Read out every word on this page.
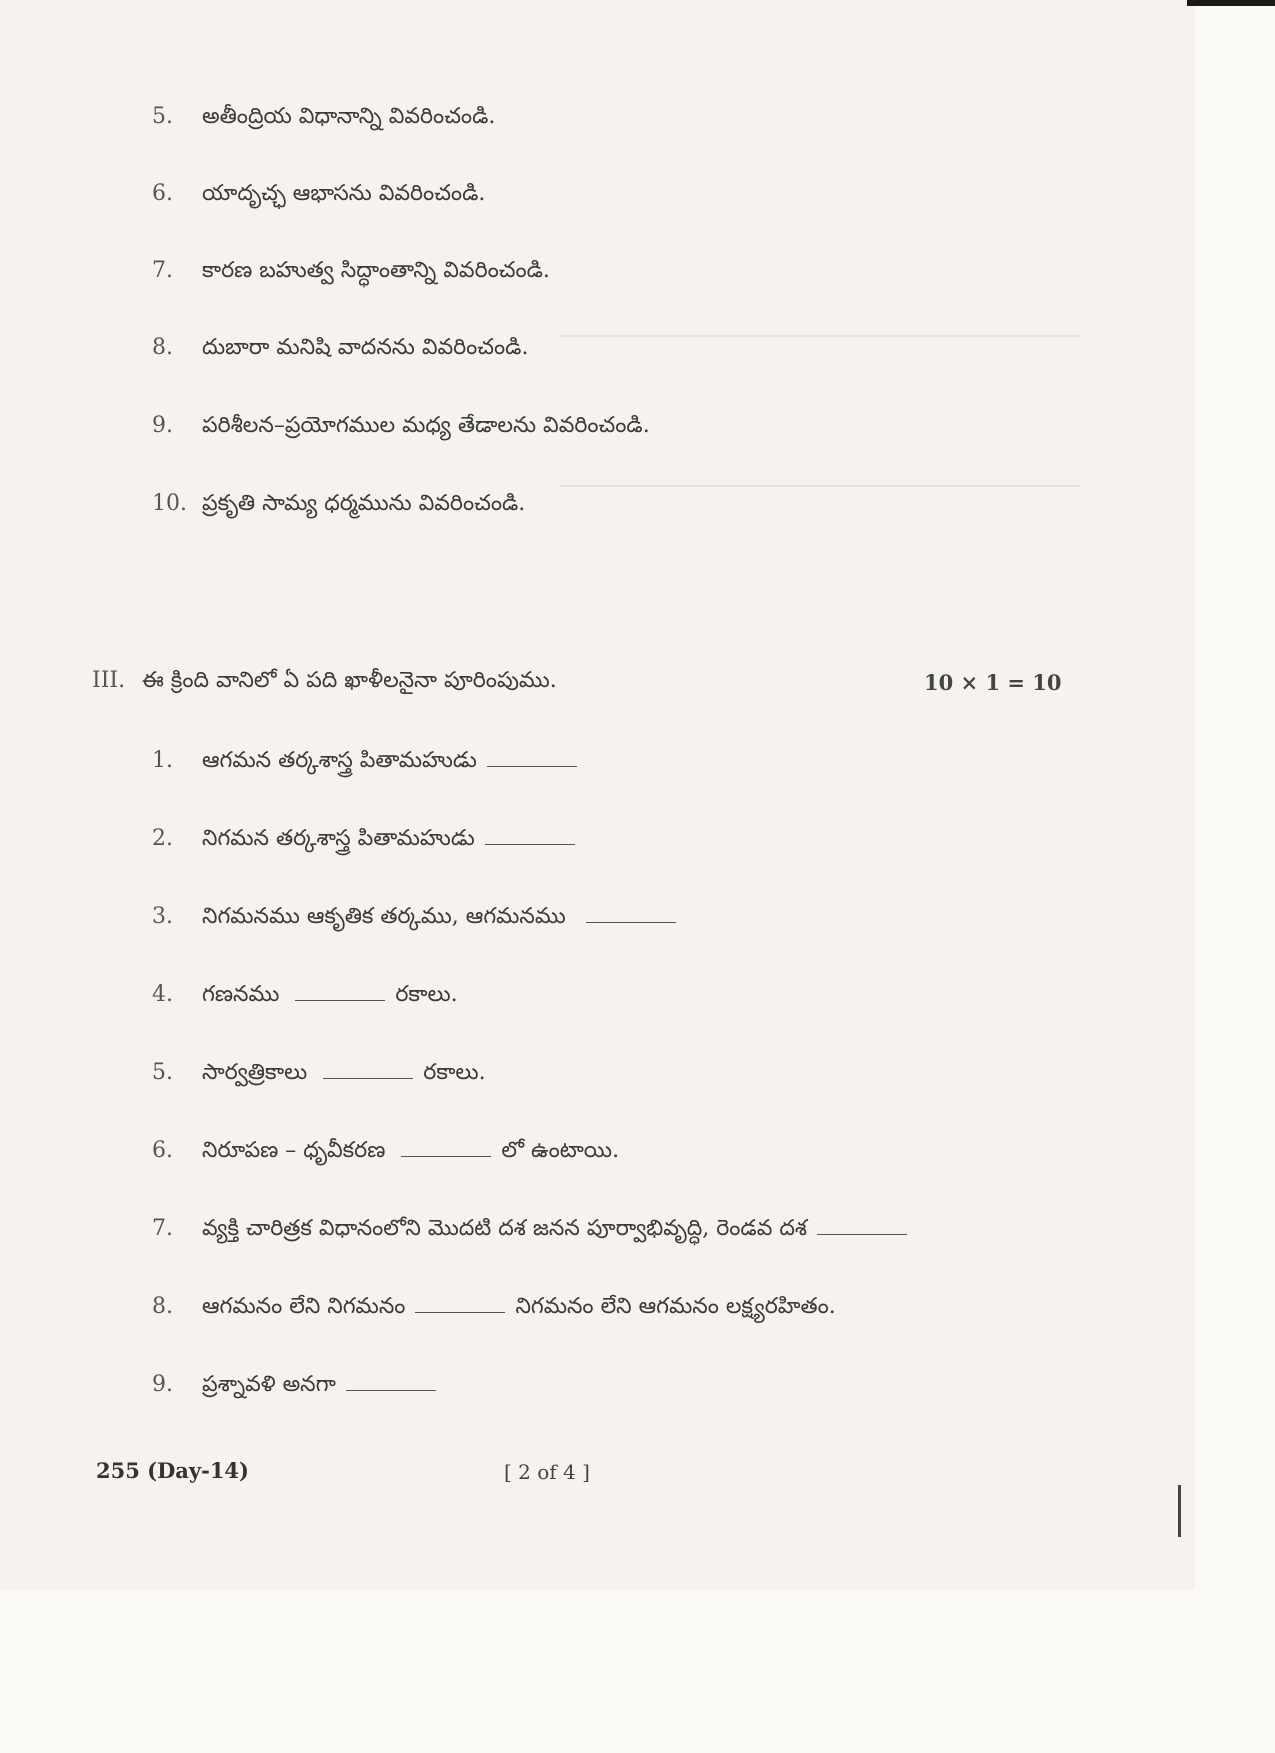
5.	అతీంద్రియ విధానాన్ని వివరించండి.
6.	యాదృచ్ఛ ఆభాసను వివరించండి.
7.	కారణ బహుత్వ సిద్ధాంతాన్ని వివరించండి.
8.	దుబారా మనిషి వాదనను వివరించండి.
9.	పరిశీలన–ప్రయోగముల మధ్య తేడాలను వివరించండి.
10. ప్రకృతి సామ్య ధర్మమును వివరించండి.
III. ఈ క్రింది వానిలో ఏ పది ఖాళీలనైనా పూరింపుము.	10 × 1 = 10
1.	ఆగమన తర్కశాస్త్ర పితామహుడు
2.	నిగమన తర్కశాస్త్ర పితామహుడు
3.	నిగమనము ఆకృతిక తర్కము, ఆగమనము
4.	గణనము	రకాలు.
5.	సార్వత్రికాలు	రకాలు.
6.	నిరూపణ – ధృవీకరణ	లో ఉంటాయి.
7.	వ్యక్తి చారిత్రక విధానంలోని మొదటి దశ జనన పూర్వాభివృద్ధి, రెండవ దశ
8.	ఆగమనం లేని నిగమనం	నిగమనం లేని ఆగమనం లక్ష్యరహితం.
9.	ప్రశ్నావళి అనగా
255 (Day-14)	[ 2 of 4 ]
